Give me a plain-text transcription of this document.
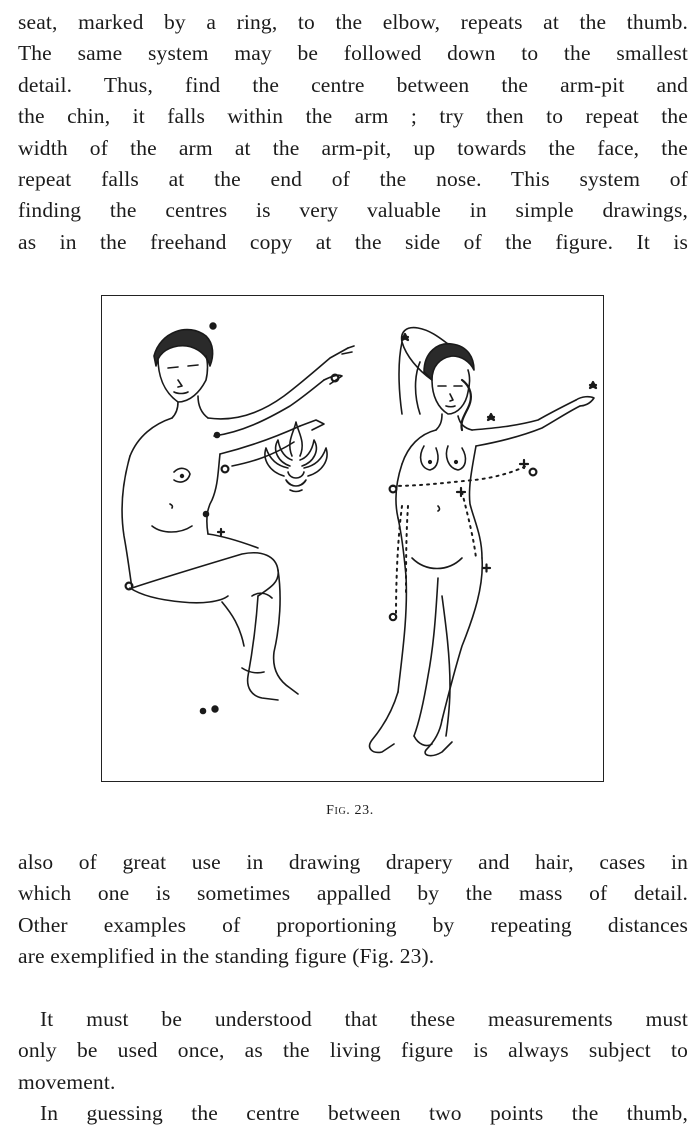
seat, marked by a ring, to the elbow, repeats at the thumb.
The same system may be followed down to the smallest
detail. Thus, find the centre between the arm-pit and
the chin, it falls within the arm ; try then to repeat the
width of the arm at the arm-pit, up towards the face, the
repeat falls at the end of the nose. This system of
finding the centres is very valuable in simple drawings,
as in the freehand copy at the side of the figure. It is
Fig. 23.
also of great use in drawing drapery and hair, cases in
which one is sometimes appalled by the mass of detail.
Other examples of proportioning by repeating distances
are exemplified in the standing figure (Fig. 23).
It must be understood that these measurements must
only be used once, as the living figure is always subject to
movement.
In guessing the centre between two points the thumb,
